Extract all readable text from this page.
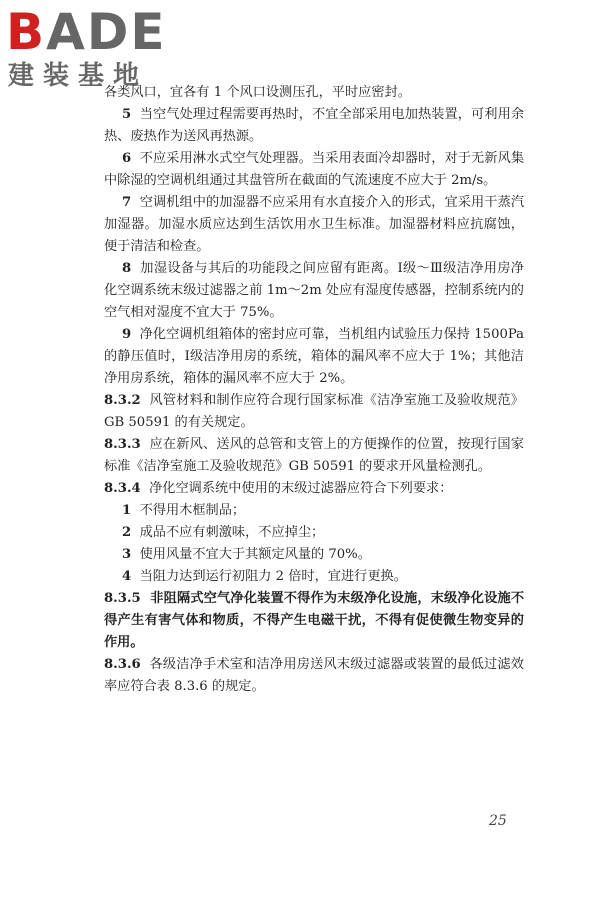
BADE
建装基地

各类风口，宜各有 1 个风口设测压孔，平时应密封。

5 当空气处理过程需要再热时，不宜全部采用电加热装置，可利用余热、废热作为送风再热源。

6 不应采用淋水式空气处理器。当采用表面冷却器时，对于无新风集中除湿的空调机组通过其盘管所在截面的气流速度不应大于 2m/s。

7 空调机组中的加湿器不应采用有水直接介入的形式，宜采用干蒸汽加湿器。加湿水质应达到生活饮用水卫生标准。加湿器材料应抗腐蚀，便于清洁和检查。

8 加湿设备与其后的功能段之间应留有距离。Ⅰ级～Ⅲ级洁净用房净化空调系统末级过滤器之前 1m～2m 处应有湿度传感器，控制系统内的空气相对湿度不宜大于 75%。

9 净化空调机组箱体的密封应可靠，当机组内试验压力保持 1500Pa 的静压值时，Ⅰ级洁净用房的系统，箱体的漏风率不应大于 1%；其他洁净用房系统，箱体的漏风率不应大于 2%。

8.3.2 风管材料和制作应符合现行国家标准《洁净室施工及验收规范》GB 50591 的有关规定。

8.3.3 应在新风、送风的总管和支管上的方便操作的位置，按现行国家标准《洁净室施工及验收规范》GB 50591 的要求开风量检测孔。

8.3.4 净化空调系统中使用的末级过滤器应符合下列要求：

1 不得用木框制品；

2 成品不应有刺激味，不应掉尘；

3 使用风量不宜大于其额定风量的 70%。

4 当阻力达到运行初阻力 2 倍时，宜进行更换。

8.3.5 非阻隔式空气净化装置不得作为末级净化设施，末级净化设施不得产生有害气体和物质，不得产生电磁干扰，不得有促使微生物变异的作用。

8.3.6 各级洁净手术室和洁净用房送风末级过滤器或装置的最低过滤效率应符合表 8.3.6 的规定。

25
